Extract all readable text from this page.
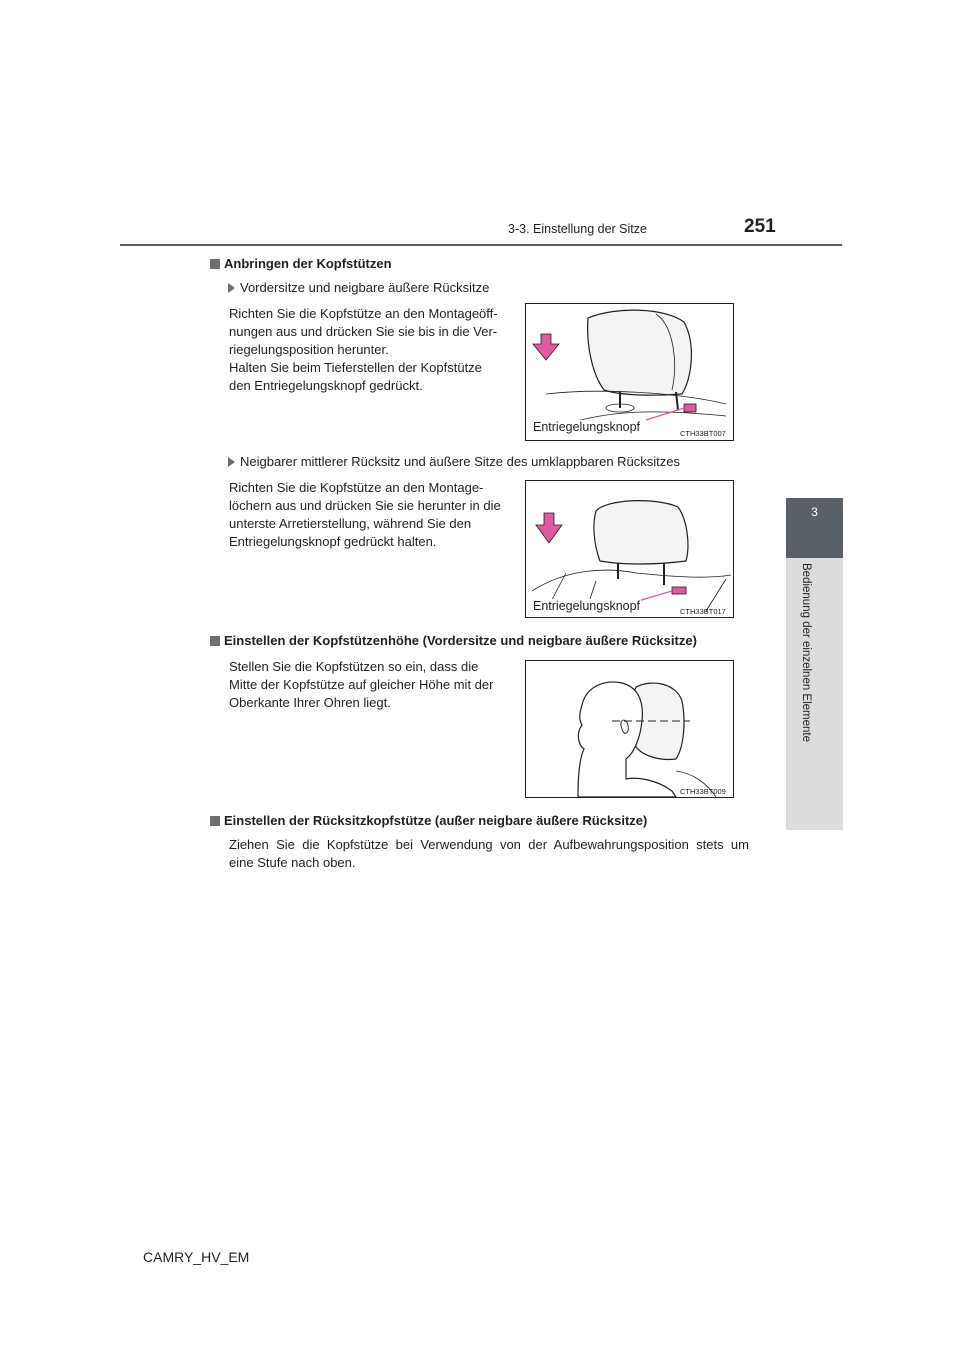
3-3. Einstellung der Sitze	251
3
Bedienung der einzelnen Elemente
Anbringen der Kopfstützen
Vordersitze und neigbare äußere Rücksitze
Richten Sie die Kopfstütze an den Montageöff-
nungen aus und drücken Sie sie bis in die Ver-
riegelungsposition herunter.
Halten Sie beim Tieferstellen der Kopfstütze
den Entriegelungsknopf gedrückt.
Entriegelungsknopf	CTH33BT007
Neigbarer mittlerer Rücksitz und äußere Sitze des umklappbaren Rücksitzes
Richten Sie die Kopfstütze an den Montage-
löchern aus und drücken Sie sie herunter in die
unterste Arretierstellung, während Sie den
Entriegelungsknopf gedrückt halten.
Entriegelungsknopf	CTH33BT017
Einstellen der Kopfstützenhöhe (Vordersitze und neigbare äußere Rücksitze)
Stellen Sie die Kopfstützen so ein, dass die
Mitte der Kopfstütze auf gleicher Höhe mit der
Oberkante Ihrer Ohren liegt.
CTH33BT009
Einstellen der Rücksitzkopfstütze (außer neigbare äußere Rücksitze)
Ziehen Sie die Kopfstütze bei Verwendung von der Aufbewahrungsposition stets um
eine Stufe nach oben.
CAMRY_HV_EM
